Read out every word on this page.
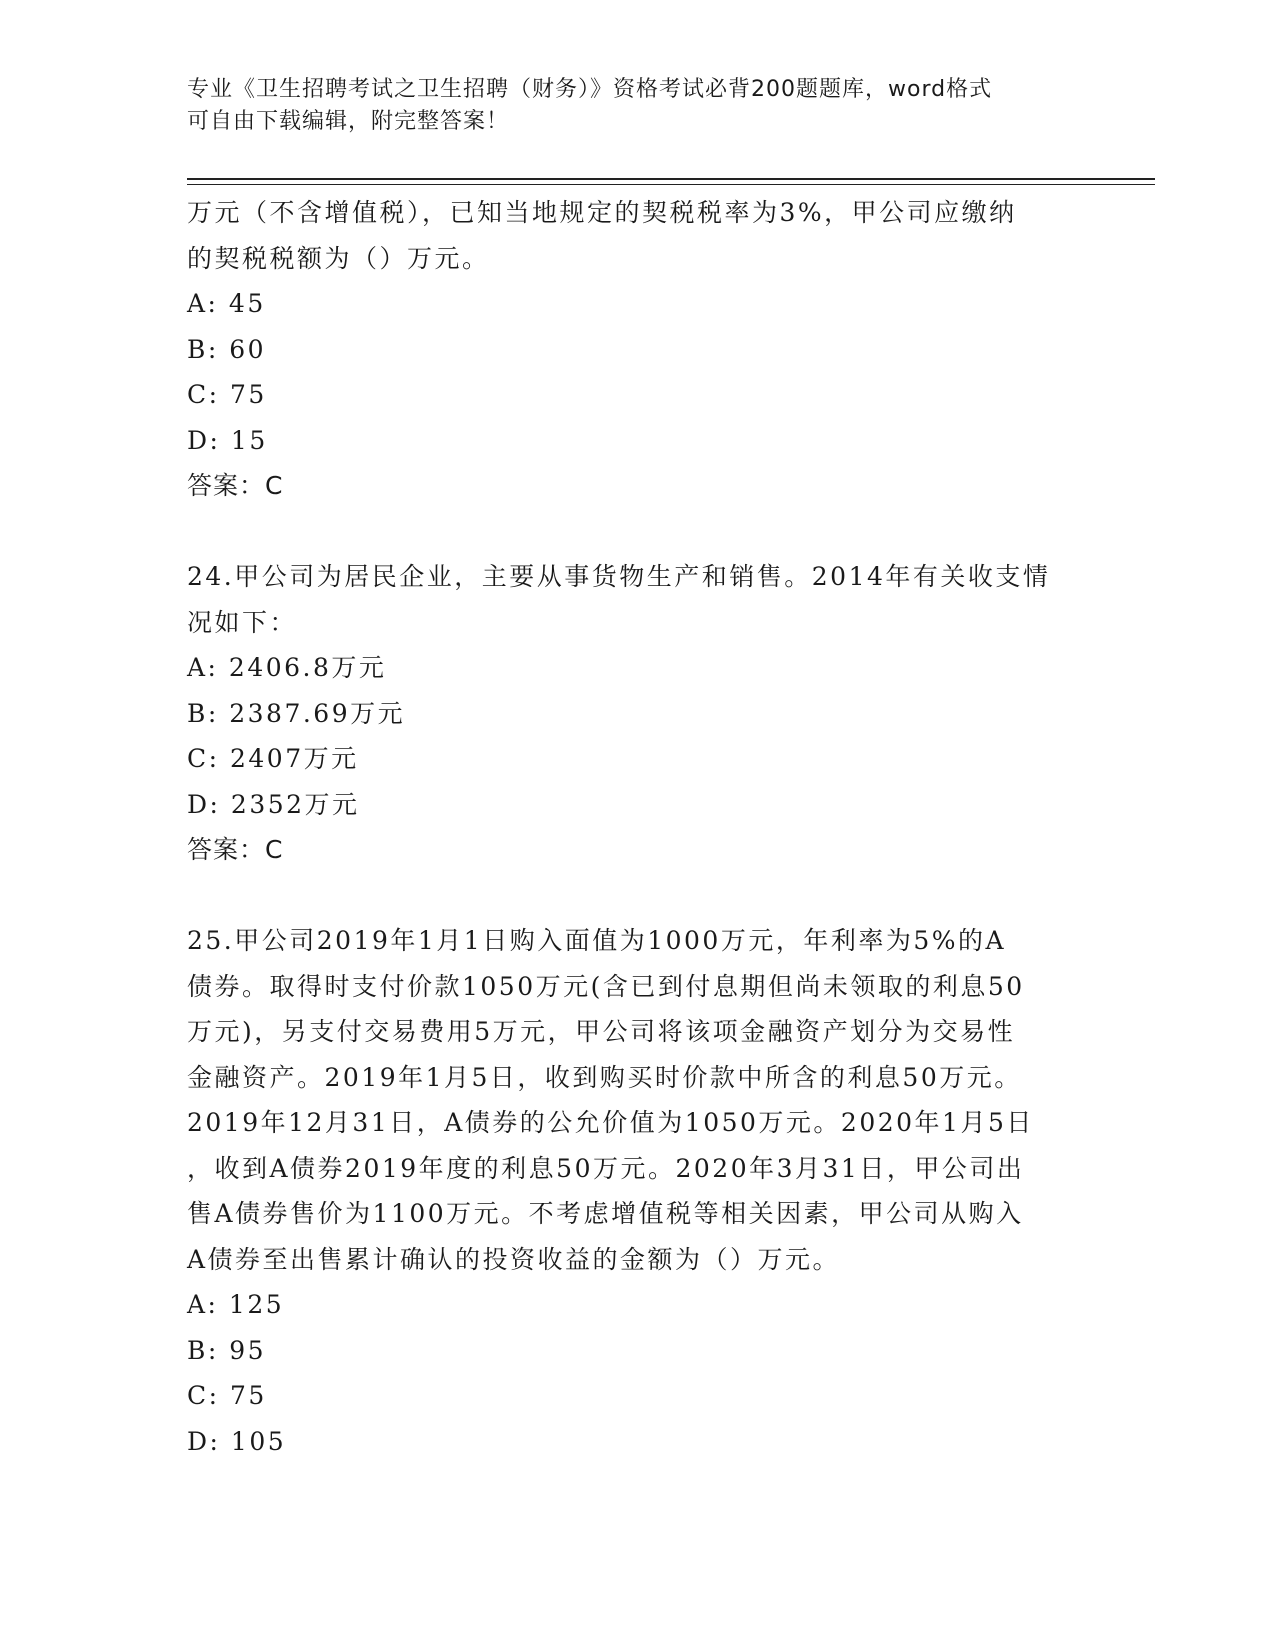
专业《卫生招聘考试之卫生招聘（财务）》资格考试必背200题题库，word格式
可自由下载编辑，附完整答案！
万元（不含增值税），已知当地规定的契税税率为3%，甲公司应缴纳
的契税税额为（）万元。
A: 45
B: 60
C: 75
D: 15
答案：C
24.甲公司为居民企业，主要从事货物生产和销售。2014年有关收支情
况如下：
A: 2406.8万元
B: 2387.69万元
C: 2407万元
D: 2352万元
答案：C
25.甲公司2019年1月1日购入面值为1000万元，年利率为5%的A
债券。取得时支付价款1050万元(含已到付息期但尚未领取的利息50
万元)，另支付交易费用5万元，甲公司将该项金融资产划分为交易性
金融资产。2019年1月5日，收到购买时价款中所含的利息50万元。
2019年12月31日，A债券的公允价值为1050万元。2020年1月5日
，收到A债券2019年度的利息50万元。2020年3月31日，甲公司出
售A债券售价为1100万元。不考虑增值税等相关因素，甲公司从购入
A债券至出售累计确认的投资收益的金额为（）万元。
A: 125
B: 95
C: 75
D: 105
